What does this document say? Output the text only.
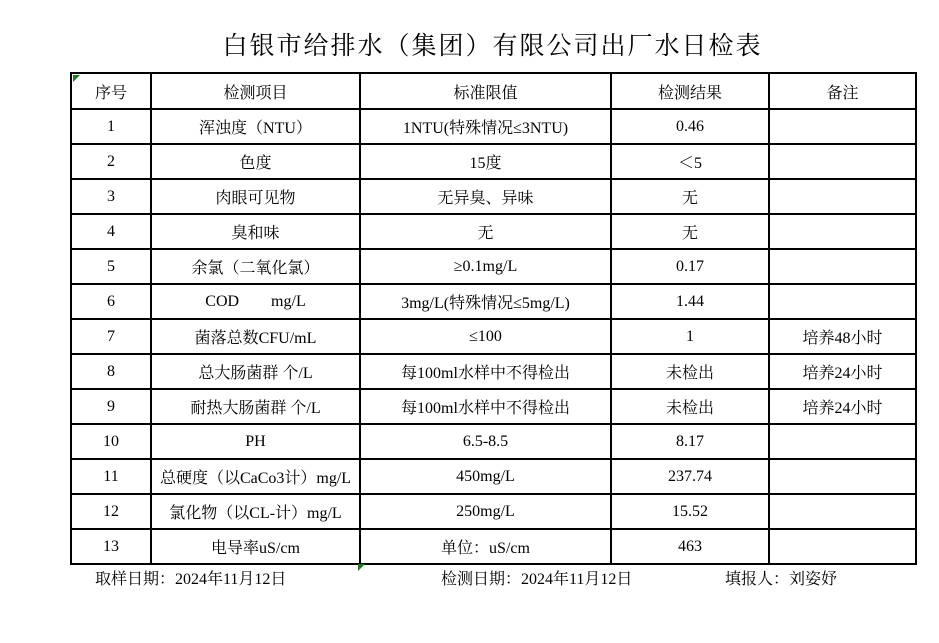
白银市给排水（集团）有限公司出厂水日检表
序号	检测项目	标准限值	检测结果	备注
1	浑浊度（NTU）	1NTU(特殊情况≤3NTU)	0.46	
2	色度	15度	＜5	
3	肉眼可见物	无异臭、异味	无	
4	臭和味	无	无	
5	余氯（二氧化氯）	≥0.1mg/L	0.17	
6	COD        mg/L	3mg/L(特殊情况≤5mg/L)	1.44	
7	菌落总数CFU/mL	≤100	1	培养48小时
8	总大肠菌群 个/L	每100ml水样中不得检出	未检出	培养24小时
9	耐热大肠菌群 个/L	每100ml水样中不得检出	未检出	培养24小时
10	PH	6.5-8.5	8.17	
11	总硬度（以CaCo3计）mg/L	450mg/L	237.74	
12	氯化物（以CL-计）mg/L	250mg/L	15.52	
13	电导率uS/cm	单位：uS/cm	463	
取样日期：2024年11月12日	检测日期：2024年11月12日	填报人：刘姿妤
